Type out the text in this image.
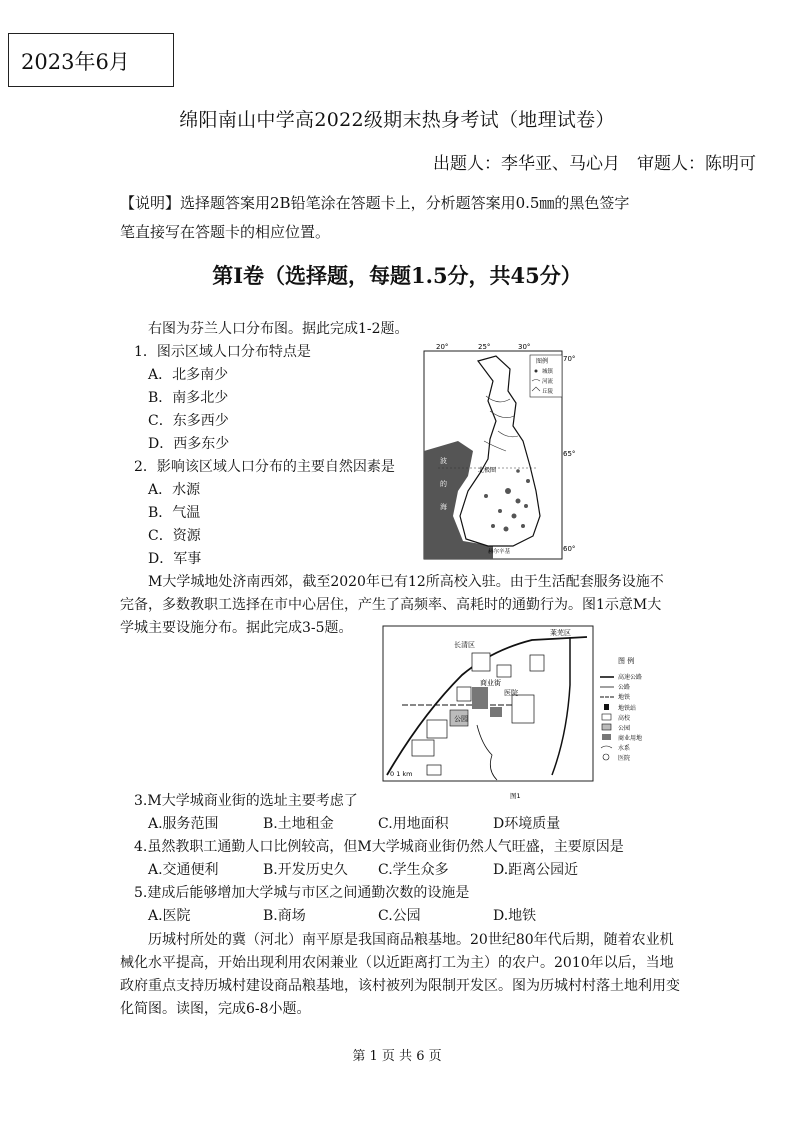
2023年6月
绵阳南山中学高2022级期末热身考试（地理试卷）
出题人：李华亚、马心月　审题人：陈明可
【说明】选择题答案用2B铅笔涂在答题卡上，分析题答案用0.5㎜的黑色签字
笔直接写在答题卡的相应位置。
第Ⅰ卷（选择题，每题1.5分，共45分）
右图为芬兰人口分布图。据此完成1-2题。
1．图示区域人口分布特点是
A．北多南少
B．南多北少
C．东多西少
D．西多东少
2．影响该区域人口分布的主要自然因素是
A．水源
B．气温
C．资源
D．军事
20°	25°	30°
70°
65°
60°
北极圈
赫尔辛基
波
的
海
图例
城镇
河流
丘陵
M大学城地处济南西郊，截至2020年已有12所高校入驻。由于生活配套服务设施不
完备，多数教职工选择在市中心居住，产生了高频率、高耗时的通勤行为。图1示意M大
学城主要设施分布。据此完成3-5题。
商业街
医院
公园
长清区
莱芜区
0 1 km
图1
图 例
高速公路
公路
地铁
地铁站
高校
公园
商业用地
水系
医院
3.M大学城商业街的选址主要考虑了
A.服务范围	B.土地租金	C.用地面积	D环境质量
4.虽然教职工通勤人口比例较高，但M大学城商业街仍然人气旺盛，主要原因是
A.交通便利	B.开发历史久	C.学生众多	D.距离公园近
5.建成后能够增加大学城与市区之间通勤次数的设施是
A.医院	B.商场	C.公园	D.地铁
历城村所处的冀（河北）南平原是我国商品粮基地。20世纪80年代后期，随着农业机
械化水平提高，开始出现利用农闲兼业（以近距离打工为主）的农户。2010年以后，当地
政府重点支持历城村建设商品粮基地，该村被列为限制开发区。图为历城村村落土地利用变
化简图。读图，完成6-8小题。
第 1 页 共 6 页
